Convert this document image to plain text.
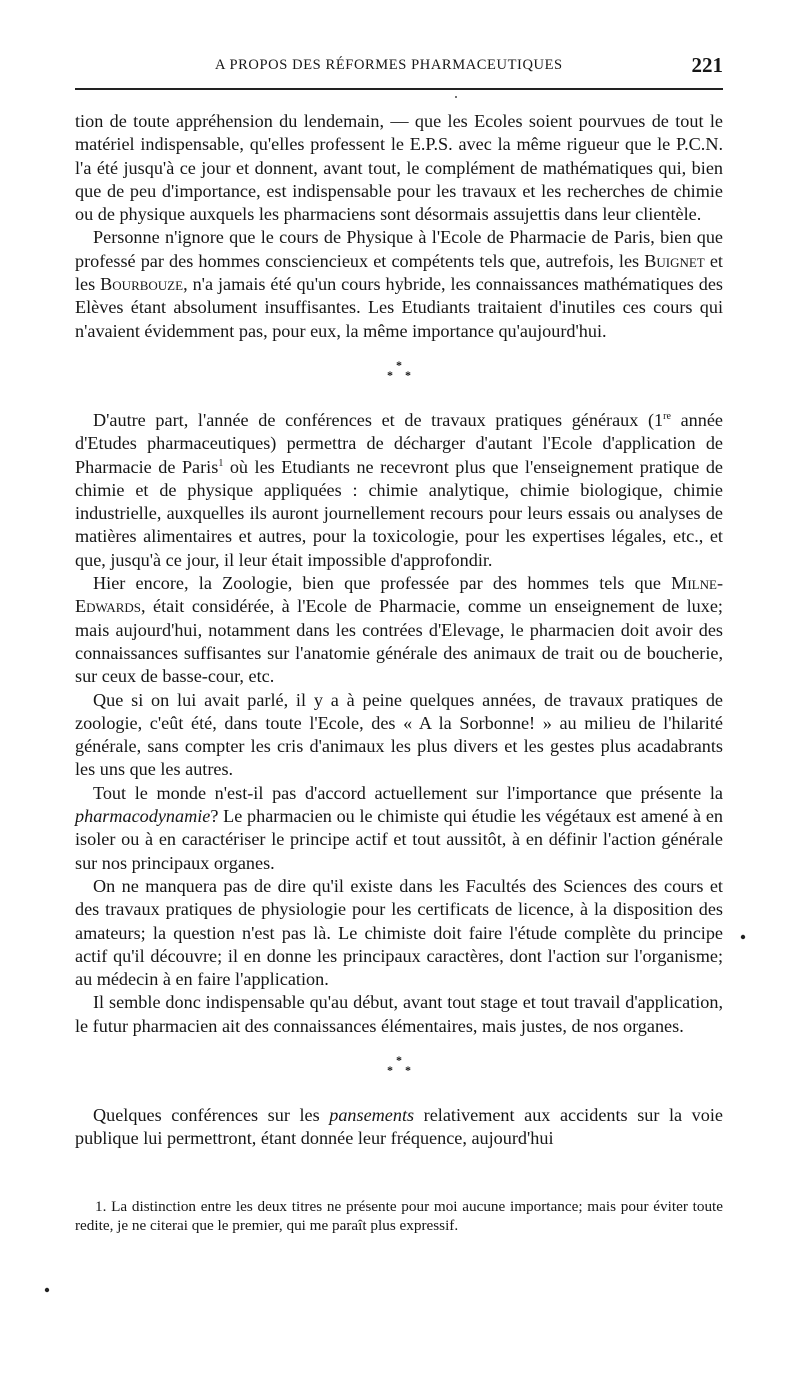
A PROPOS DES RÉFORMES PHARMACEUTIQUES	221

tion de toute appréhension du lendemain, — que les Ecoles soient pourvues de tout le matériel indispensable, qu'elles professent le E.P.S. avec la même rigueur que le P.C.N. l'a été jusqu'à ce jour et donnent, avant tout, le complément de mathématiques qui, bien que de peu d'importance, est indispensable pour les travaux et les recherches de chimie ou de physique auxquels les pharmaciens sont désormais assujettis dans leur clientèle.

Personne n'ignore que le cours de Physique à l'Ecole de Pharmacie de Paris, bien que professé par des hommes consciencieux et compétents tels que, autrefois, les Buignet et les Bourbouze, n'a jamais été qu'un cours hybride, les connaissances mathématiques des Elèves étant absolument insuffisantes. Les Etudiants traitaient d'inutiles ces cours qui n'avaient évidemment pas, pour eux, la même importance qu'aujourd'hui.

*
* *

D'autre part, l'année de conférences et de travaux pratiques généraux (1re année d'Etudes pharmaceutiques) permettra de décharger d'autant l'Ecole d'application de Pharmacie de Paris$^1$ où les Etudiants ne recevront plus que l'enseignement pratique de chimie et de physique appliquées : chimie analytique, chimie biologique, chimie industrielle, auxquelles ils auront journellement recours pour leurs essais ou analyses de matières alimentaires et autres, pour la toxicologie, pour les expertises légales, etc., et que, jusqu'à ce jour, il leur était impossible d'approfondir.

Hier encore, la Zoologie, bien que professée par des hommes tels que Milne-Edwards, était considérée, à l'Ecole de Pharmacie, comme un enseignement de luxe; mais aujourd'hui, notamment dans les contrées d'Elevage, le pharmacien doit avoir des connaissances suffisantes sur l'anatomie générale des animaux de trait ou de boucherie, sur ceux de basse-cour, etc.

Que si on lui avait parlé, il y a à peine quelques années, de travaux pratiques de zoologie, c'eût été, dans toute l'Ecole, des « A la Sorbonne! » au milieu de l'hilarité générale, sans compter les cris d'animaux les plus divers et les gestes plus acadabrants les uns que les autres.

Tout le monde n'est-il pas d'accord actuellement sur l'importance que présente la pharmacodynamie? Le pharmacien ou le chimiste qui étudie les végétaux est amené à en isoler ou à en caractériser le principe actif et tout aussitôt, à en définir l'action générale sur nos principaux organes.

On ne manquera pas de dire qu'il existe dans les Facultés des Sciences des cours et des travaux pratiques de physiologie pour les certificats de licence, à la disposition des amateurs; la question n'est pas là. Le chimiste doit faire l'étude complète du principe actif qu'il découvre; il en donne les principaux caractères, dont l'action sur l'organisme; au médecin à en faire l'application.

Il semble donc indispensable qu'au début, avant tout stage et tout travail d'application, le futur pharmacien ait des connaissances élémentaires, mais justes, de nos organes.

*
* *

Quelques conférences sur les pansements relativement aux accidents sur la voie publique lui permettront, étant donnée leur fréquence, aujourd'hui

1. La distinction entre les deux titres ne présente pour moi aucune importance; mais pour éviter toute redite, je ne citerai que le premier, qui me paraît plus expressif.
